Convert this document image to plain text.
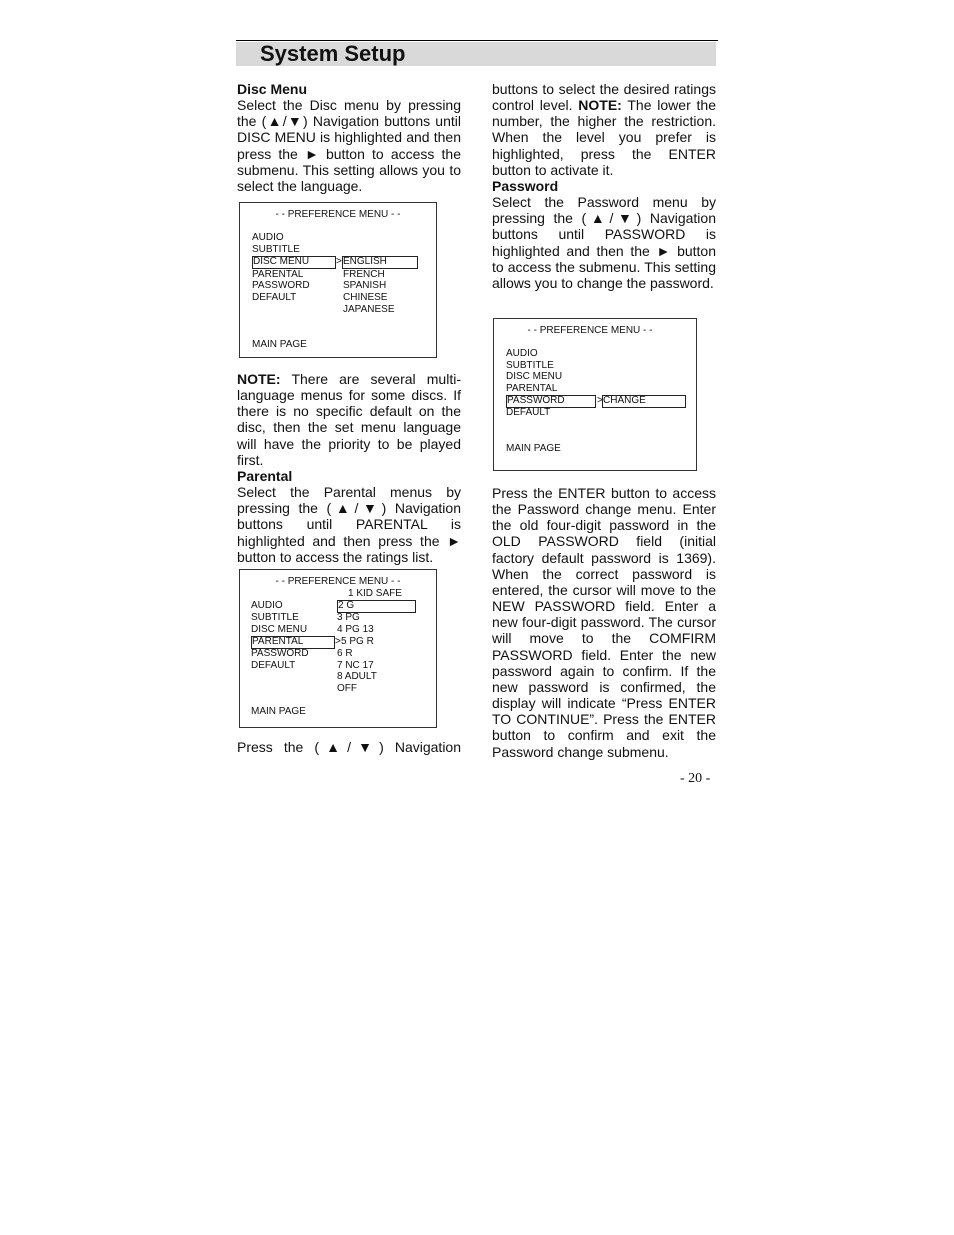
System Setup

Disc Menu

Select the Disc menu by pressing the (▲/▼) Navigation buttons until DISC MENU is highlighted and then press the ► button to access the submenu. This setting allows you to select the language.

- - PREFERENCE MENU - -
AUDIO
SUBTITLE
DISC MENU	> ENGLISH
PARENTAL	FRENCH
PASSWORD	SPANISH
DEFAULT	CHINESE
JAPANESE
MAIN PAGE

NOTE: There are several multi-language menus for some discs. If there is no specific default on the disc, then the set menu language will have the priority to be played first.

Parental

Select the Parental menus by pressing the (▲/▼) Navigation buttons until PARENTAL is highlighted and then press the ► button to access the ratings list.

- - PREFERENCE MENU - -
1 KID SAFE
AUDIO	2 G
SUBTITLE	3 PG
DISC MENU	4 PG 13
PARENTAL	> 5 PG R
PASSWORD	6 R
DEFAULT	7 NC 17
8 ADULT
OFF
MAIN PAGE

Press the (▲/▼) Navigation

buttons to select the desired ratings control level. NOTE: The lower the number, the higher the restriction. When the level you prefer is highlighted, press the ENTER button to activate it.

Password

Select the Password menu by pressing the (▲/▼) Navigation buttons until PASSWORD is highlighted and then the ► button to access the submenu. This setting allows you to change the password.

- - PREFERENCE MENU - -
AUDIO
SUBTITLE
DISC MENU
PARENTAL
PASSWORD	> CHANGE
DEFAULT
MAIN PAGE

Press the ENTER button to access the Password change menu. Enter the old four-digit password in the OLD PASSWORD field (initial factory default password is 1369). When the correct password is entered, the cursor will move to the NEW PASSWORD field. Enter a new four-digit password. The cursor will move to the COMFIRM PASSWORD field. Enter the new password again to confirm. If the new password is confirmed, the display will indicate “Press ENTER TO CONTINUE”. Press the ENTER button to confirm and exit the Password change submenu.

- 20 -
